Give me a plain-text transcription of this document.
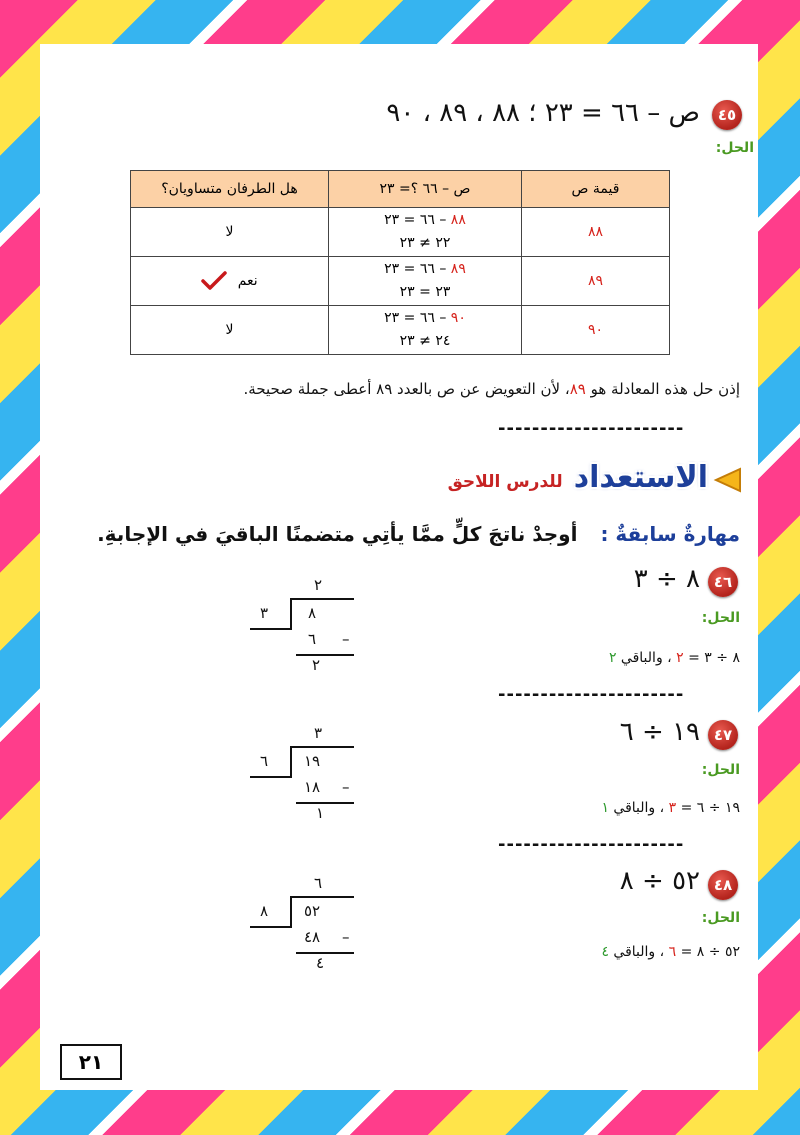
٤٥
ص – ٦٦ = ٢٣ ؛ ٨٨ ، ٨٩ ، ٩٠
الحل:
قيمة ص	ص – ٦٦ ؟= ٢٣	هل الطرفان متساويان؟
٨٨	٨٨ – ٦٦ = ٢٣
٢٢ ≠ ٢٣	لا
٨٩	٨٩ – ٦٦ = ٢٣
٢٣ = ٢٣	نعم
٩٠	٩٠ – ٦٦ = ٢٣
٢٤ ≠ ٢٣	لا
إذن حل هذه المعادلة هو ٨٩، لأن التعويض عن ص بالعدد ٨٩ أعطى جملة صحيحة.
----------------------
الاستعداد للدرس اللاحق
مهارةٌ سابقةٌ : أوجدْ ناتجَ كلٍّ ممَّا يأتِي متضمنًا الباقيَ في الإجابةِ.
٤٦
٨ ÷ ٣
الحل:
٨ ÷ ٣ = ٢ ، والباقي ٢
٢
٣	٨
٦ –
٢
----------------------
٤٧
١٩ ÷ ٦
الحل:
١٩ ÷ ٦ = ٣ ، والباقي ١
٣
٦ ١٩
١٨ –
١
----------------------
٤٨
٥٢ ÷ ٨
الحل:
٥٢ ÷ ٨ = ٦ ، والباقي ٤
٦
٨ ٥٢
٤٨ –
٤
٢١
